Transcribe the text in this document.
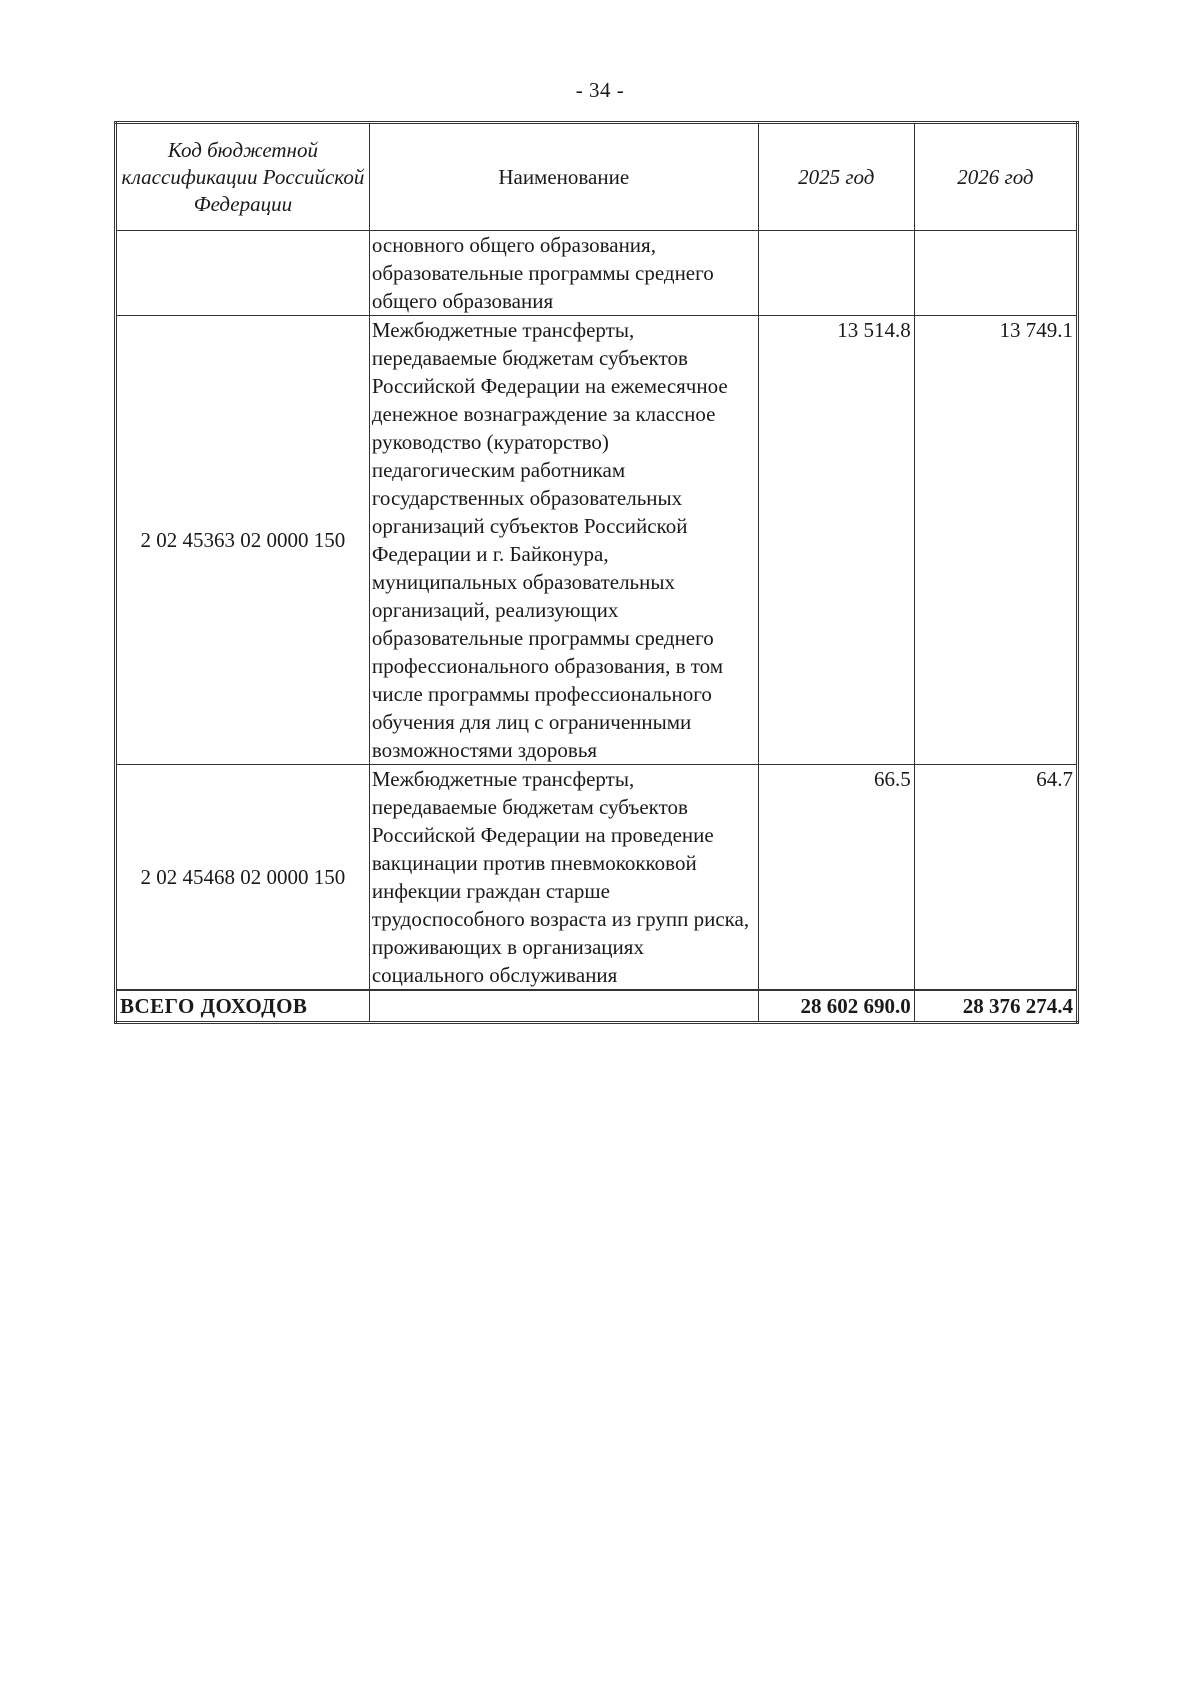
- 34 -
Код бюджетной классификации Российской Федерации	Наименование	2025 год	2026 год
	основного общего образования, образовательные программы среднего общего образования		
2 02 45363 02 0000 150	Межбюджетные трансферты, передаваемые бюджетам субъектов Российской Федерации на ежемесячное денежное вознаграждение за классное руководство (кураторство) педагогическим работникам государственных образовательных организаций субъектов Российской Федерации и г. Байконура, муниципальных образовательных организаций, реализующих образовательные программы среднего профессионального образования, в том числе программы профессионального обучения для лиц с ограниченными возможностями здоровья	13 514.8	13 749.1
2 02 45468 02 0000 150	Межбюджетные трансферты, передаваемые бюджетам субъектов Российской Федерации на проведение вакцинации против пневмококковой инфекции граждан старше трудоспособного возраста из групп риска, проживающих в организациях социального обслуживания	66.5	64.7
ВСЕГО ДОХОДОВ		28 602 690.0	28 376 274.4
